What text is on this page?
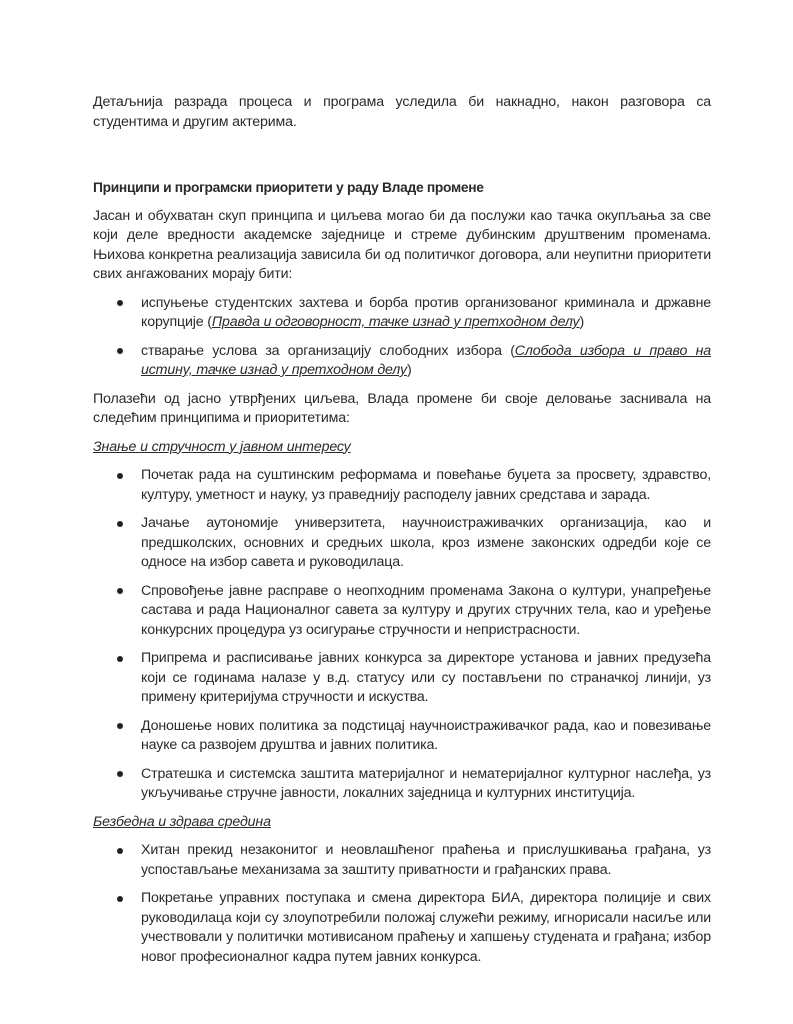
Детаљнија разрада процеса и програма уследила би накнадно, након разговора са студентима и другим актерима.

Принципи и програмски приоритети у раду Владе промене

Јасан и обухватан скуп принципа и циљева могао би да послужи као тачка окупљања за све који деле вредности академске заједнице и стреме дубинским друштвеним променама. Њихова конкретна реализација зависила би од политичког договора, али неупитни приоритети свих ангажованих морају бити:

испуњење студентских захтева и борба против организованог криминала и државне корупције (Правда и одговорност, тачке изнад у претходном делу)
стварање услова за организацију слободних избора (Слобода избора и право на истину, тачке изнад у претходном делу)

Полазећи од јасно утврђених циљева, Влада промене би своје деловање заснивала на следећим принципима и приоритетима:

Знање и стручност у јавном интересу

Почетак рада на суштинским реформама и повећање буџета за просвету, здравство, културу, уметност и науку, уз праведнију расподелу јавних средстава и зарада.
Јачање аутономије универзитета, научноистраживачких организација, као и предшколских, основних и средњих школа, кроз измене законских одредби које се односе на избор савета и руководилаца.
Спровођење јавне расправе о неопходним променама Закона о култури, унапређење састава и рада Националног савета за културу и других стручних тела, као и уређење конкурсних процедура уз осигурање стручности и непристрасности.
Припрема и расписивање јавних конкурса за директоре установа и јавних предузећа који се годинама налазе у в.д. статусу или су постављени по страначкој линији, уз примену критеријума стручности и искуства.
Доношење нових политика за подстицај научноистраживачког рада, као и повезивање науке са развојем друштва и јавних политика.
Стратешка и системска заштита материјалног и нематеријалног културног наслеђа, уз укључивање стручне јавности, локалних заједница и културних институција.

Безбедна и здрава средина

Хитан прекид незаконитог и неовлашћеног праћења и прислушкивања грађана, уз успостављање механизама за заштиту приватности и грађанских права.
Покретање управних поступака и смена директора БИА, директора полиције и свих руководилаца који су злоупотребили положај служећи режиму, игнорисали насиље или учествовали у политички мотивисаном праћењу и хапшењу студената и грађана; избор новог професионалног кадра путем јавних конкурса.
